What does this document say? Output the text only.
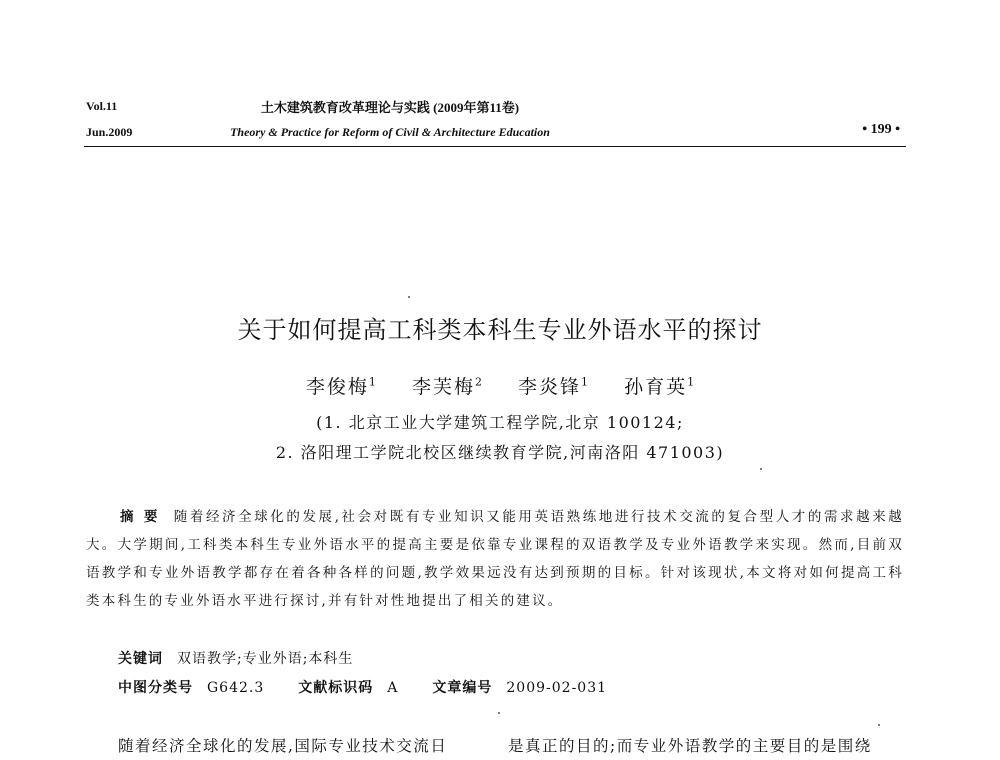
Vol.11
Jun.2009
土木建筑教育改革理论与实践 (2009年第11卷)
Theory & Practice for Reform of Civil & Architecture Education	• 199 •
关于如何提高工科类本科生专业外语水平的探讨
李俊梅$^1$ 李芙梅$^2$ 李炎锋$^1$ 孙育英$^1$
(1. 北京工业大学建筑工程学院,北京 100124;
2. 洛阳理工学院北校区继续教育学院,河南洛阳 471003)
摘要 随着经济全球化的发展,社会对既有专业知识又能用英语熟练地进行技术交流的复合型人才的需求越来越大。大学期间,工科类本科生专业外语水平的提高主要是依靠专业课程的双语教学及专业外语教学来实现。然而,目前双语教学和专业外语教学都存在着各种各样的问题,教学效果远没有达到预期的目标。针对该现状,本文将对如何提高工科类本科生的专业外语水平进行探讨,并有针对性地提出了相关的建议。
关键词 双语教学;专业外语;本科生
中图分类号 G642.3 文献标识码 A 文章编号 2009-02-031
随着经济全球化的发展,国际专业技术交流日	是真正的目的;而专业外语教学的主要目的是围绕
